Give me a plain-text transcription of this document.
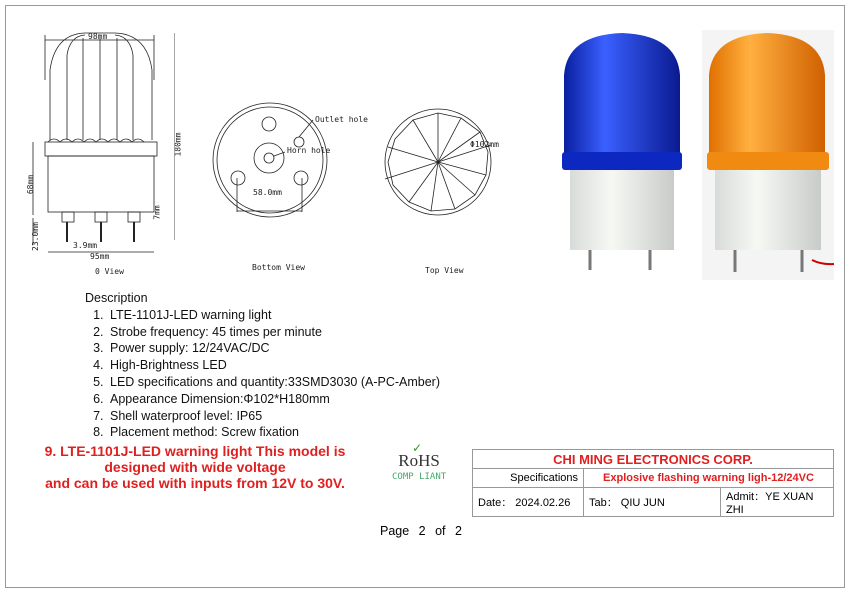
98mm
180mm
68mm
23.0mm
7mm
3.9mm
95mm
0 View
Outlet hole
Horn hole
58.0mm
Bottom View
Φ102mm
Top View
Description
1. LTE-1101J-LED warning light
2. Strobe frequency: 45 times per minute
3. Power supply: 12/24VAC/DC
4. High-Brightness LED
5. LED specifications and quantity:33SMD3030 (A-PC-Amber)
6. Appearance Dimension:Φ102*H180mm
7. Shell waterproof level: IP65
8. Placement method: Screw fixation
9. LTE-1101J-LED warning light This model is
designed with wide voltage
and can be used with inputs from 12V to 30V.
✓
RoHS
COMP LIANT
CHI MING ELECTRONICS CORP.		
Specifications	Explosive flashing warning ligh-12/24VC	
Date： 2024.02.26	Tab： QIU JUN	Admit：YE XUAN ZHI
Page 2 of 2
